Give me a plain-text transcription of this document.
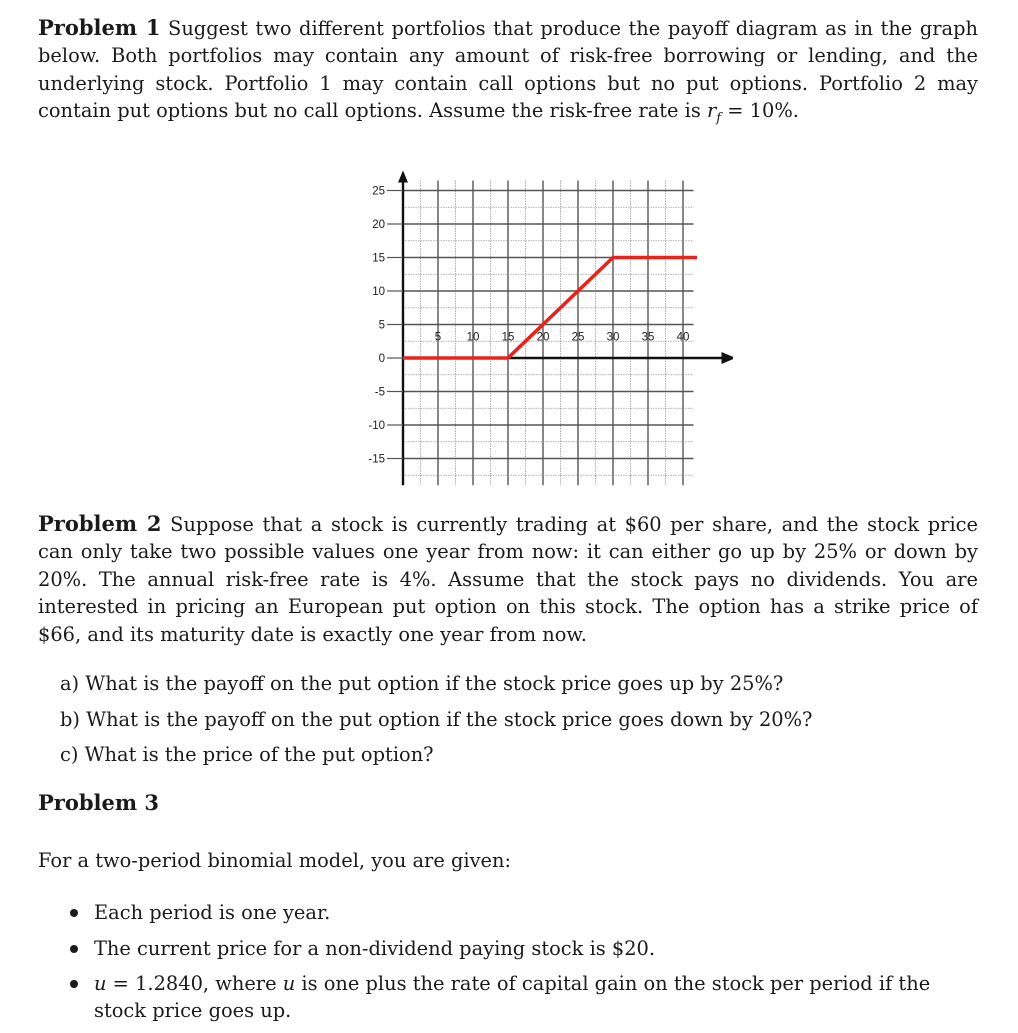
Problem 1 Suggest two different portfolios that produce the payoff diagram as in the graph below. Both portfolios may contain any amount of risk-free borrowing or lending, and the underlying stock. Portfolio 1 may contain call options but no put options. Portfolio 2 may contain put options but no call options. Assume the risk-free rate is $r_f = 10\%$.

25
20
15
10
5
0
-5
-10
-15
5 10 15 20 25 30 35 40

Problem 2 Suppose that a stock is currently trading at $60 per share, and the stock price can only take two possible values one year from now: it can either go up by 25% or down by 20%. The annual risk-free rate is 4%. Assume that the stock pays no dividends. You are interested in pricing an European put option on this stock. The option has a strike price of $66, and its maturity date is exactly one year from now.

a) What is the payoff on the put option if the stock price goes up by 25%?
b) What is the payoff on the put option if the stock price goes down by 20%?
c) What is the price of the put option?
Problem 3
For a two-period binomial model, you are given:
Each period is one year.
The current price for a non-dividend paying stock is $20.
u = 1.2840, where u is one plus the rate of capital gain on the stock per period if the stock price goes up.
